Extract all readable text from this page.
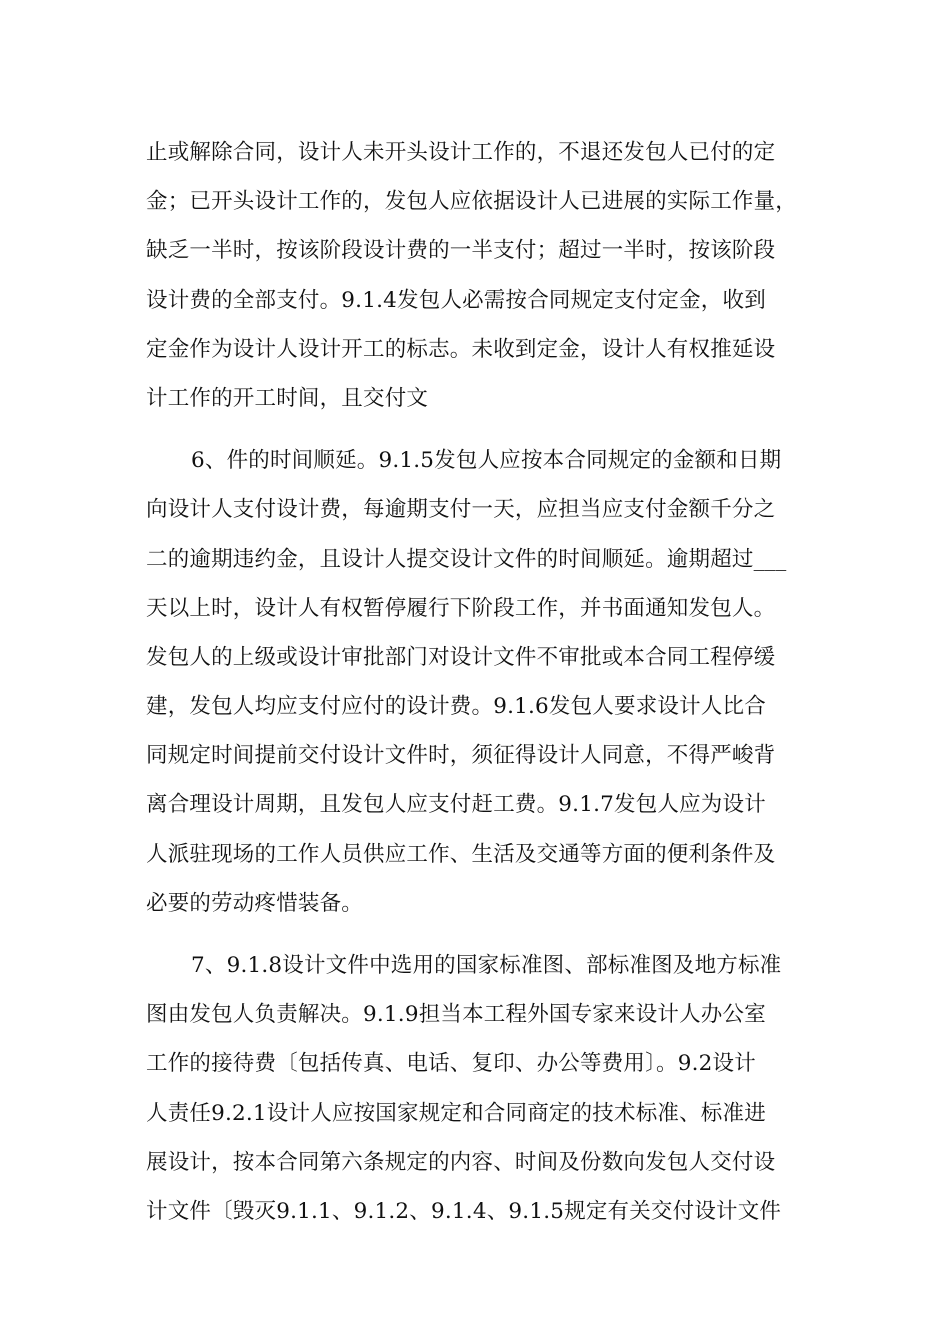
止或解除合同，设计人未开头设计工作的，不退还发包人已付的定
金；已开头设计工作的，发包人应依据设计人已进展的实际工作量，
缺乏一半时，按该阶段设计费的一半支付；超过一半时，按该阶段
设计费的全部支付。9.1.4发包人必需按合同规定支付定金，收到
定金作为设计人设计开工的标志。未收到定金，设计人有权推延设
计工作的开工时间，且交付文
6、件的时间顺延。9.1.5发包人应按本合同规定的金额和日期
向设计人支付设计费，每逾期支付一天，应担当应支付金额千分之
二的逾期违约金，且设计人提交设计文件的时间顺延。逾期超过___
天以上时，设计人有权暂停履行下阶段工作，并书面通知发包人。
发包人的上级或设计审批部门对设计文件不审批或本合同工程停缓
建，发包人均应支付应付的设计费。9.1.6发包人要求设计人比合
同规定时间提前交付设计文件时，须征得设计人同意，不得严峻背
离合理设计周期，且发包人应支付赶工费。9.1.7发包人应为设计
人派驻现场的工作人员供应工作、生活及交通等方面的便利条件及
必要的劳动疼惜装备。
7、9.1.8设计文件中选用的国家标准图、部标准图及地方标准
图由发包人负责解决。9.1.9担当本工程外国专家来设计人办公室
工作的接待费〔包括传真、电话、复印、办公等费用〕。9.2设计
人责任9.2.1设计人应按国家规定和合同商定的技术标准、标准进
展设计，按本合同第六条规定的内容、时间及份数向发包人交付设
计文件〔毁灭9.1.1、9.1.2、9.1.4、9.1.5规定有关交付设计文件
